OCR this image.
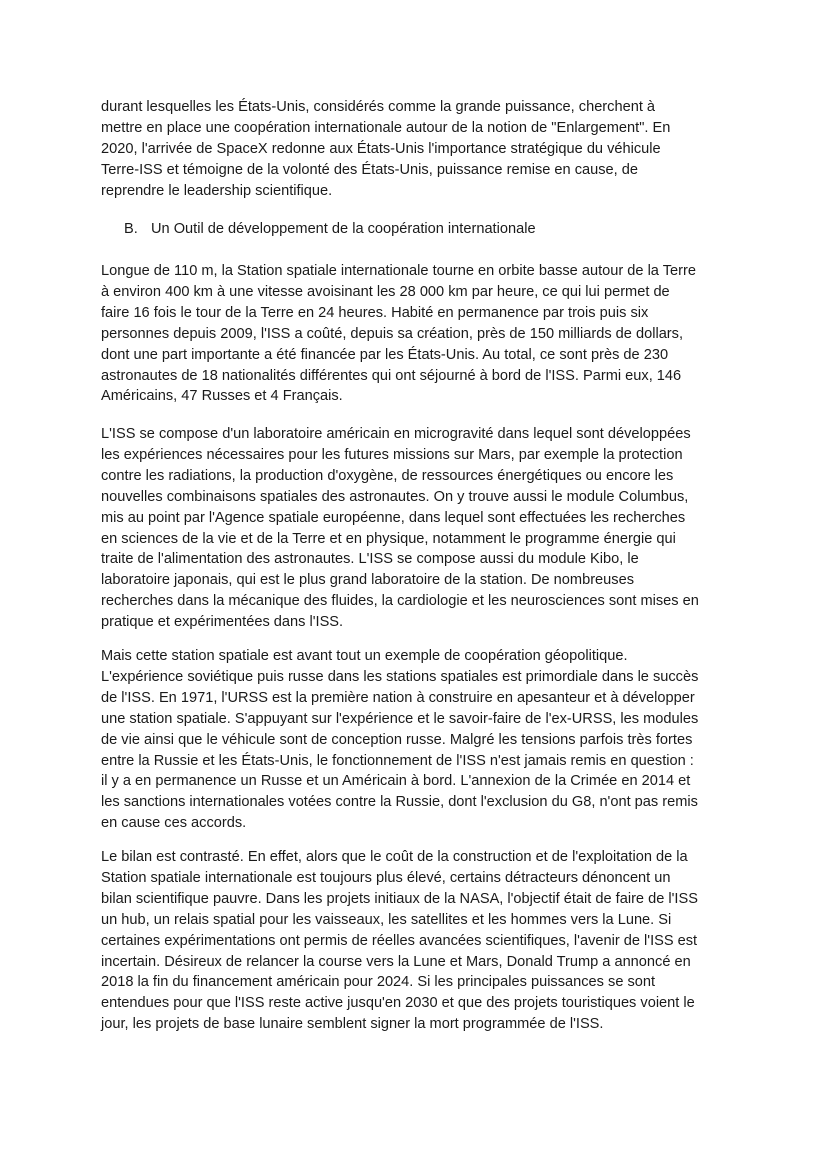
durant lesquelles les États-Unis, considérés comme la grande puissance, cherchent à
mettre en place une coopération internationale autour de la notion de "Enlargement". En
2020, l'arrivée de SpaceX redonne aux États-Unis l'importance stratégique du véhicule
Terre-ISS et témoigne de la volonté des États-Unis, puissance remise en cause, de
reprendre le leadership scientifique.

B. Un Outil de développement de la coopération internationale

Longue de 110 m, la Station spatiale internationale tourne en orbite basse autour de la Terre
à environ 400 km à une vitesse avoisinant les 28 000 km par heure, ce qui lui permet de
faire 16 fois le tour de la Terre en 24 heures. Habité en permanence par trois puis six
personnes depuis 2009, l'ISS a coûté, depuis sa création, près de 150 milliards de dollars,
dont une part importante a été financée par les États-Unis. Au total, ce sont près de 230
astronautes de 18 nationalités différentes qui ont séjourné à bord de l'ISS. Parmi eux, 146
Américains, 47 Russes et 4 Français.

L'ISS se compose d'un laboratoire américain en microgravité dans lequel sont développées
les expériences nécessaires pour les futures missions sur Mars, par exemple la protection
contre les radiations, la production d'oxygène, de ressources énergétiques ou encore les
nouvelles combinaisons spatiales des astronautes. On y trouve aussi le module Columbus,
mis au point par l'Agence spatiale européenne, dans lequel sont effectuées les recherches
en sciences de la vie et de la Terre et en physique, notamment le programme énergie qui
traite de l'alimentation des astronautes. L'ISS se compose aussi du module Kibo, le
laboratoire japonais, qui est le plus grand laboratoire de la station. De nombreuses
recherches dans la mécanique des fluides, la cardiologie et les neurosciences sont mises en
pratique et expérimentées dans l'ISS.

Mais cette station spatiale est avant tout un exemple de coopération géopolitique.
L'expérience soviétique puis russe dans les stations spatiales est primordiale dans le succès
de l'ISS. En 1971, l'URSS est la première nation à construire en apesanteur et à développer
une station spatiale. S'appuyant sur l'expérience et le savoir-faire de l'ex-URSS, les modules
de vie ainsi que le véhicule sont de conception russe. Malgré les tensions parfois très fortes
entre la Russie et les États-Unis, le fonctionnement de l'ISS n'est jamais remis en question :
il y a en permanence un Russe et un Américain à bord. L'annexion de la Crimée en 2014 et
les sanctions internationales votées contre la Russie, dont l'exclusion du G8, n'ont pas remis
en cause ces accords.

Le bilan est contrasté. En effet, alors que le coût de la construction et de l'exploitation de la
Station spatiale internationale est toujours plus élevé, certains détracteurs dénoncent un
bilan scientifique pauvre. Dans les projets initiaux de la NASA, l'objectif était de faire de l'ISS
un hub, un relais spatial pour les vaisseaux, les satellites et les hommes vers la Lune. Si
certaines expérimentations ont permis de réelles avancées scientifiques, l'avenir de l'ISS est
incertain. Désireux de relancer la course vers la Lune et Mars, Donald Trump a annoncé en
2018 la fin du financement américain pour 2024. Si les principales puissances se sont
entendues pour que l'ISS reste active jusqu'en 2030 et que des projets touristiques voient le
jour, les projets de base lunaire semblent signer la mort programmée de l'ISS.
